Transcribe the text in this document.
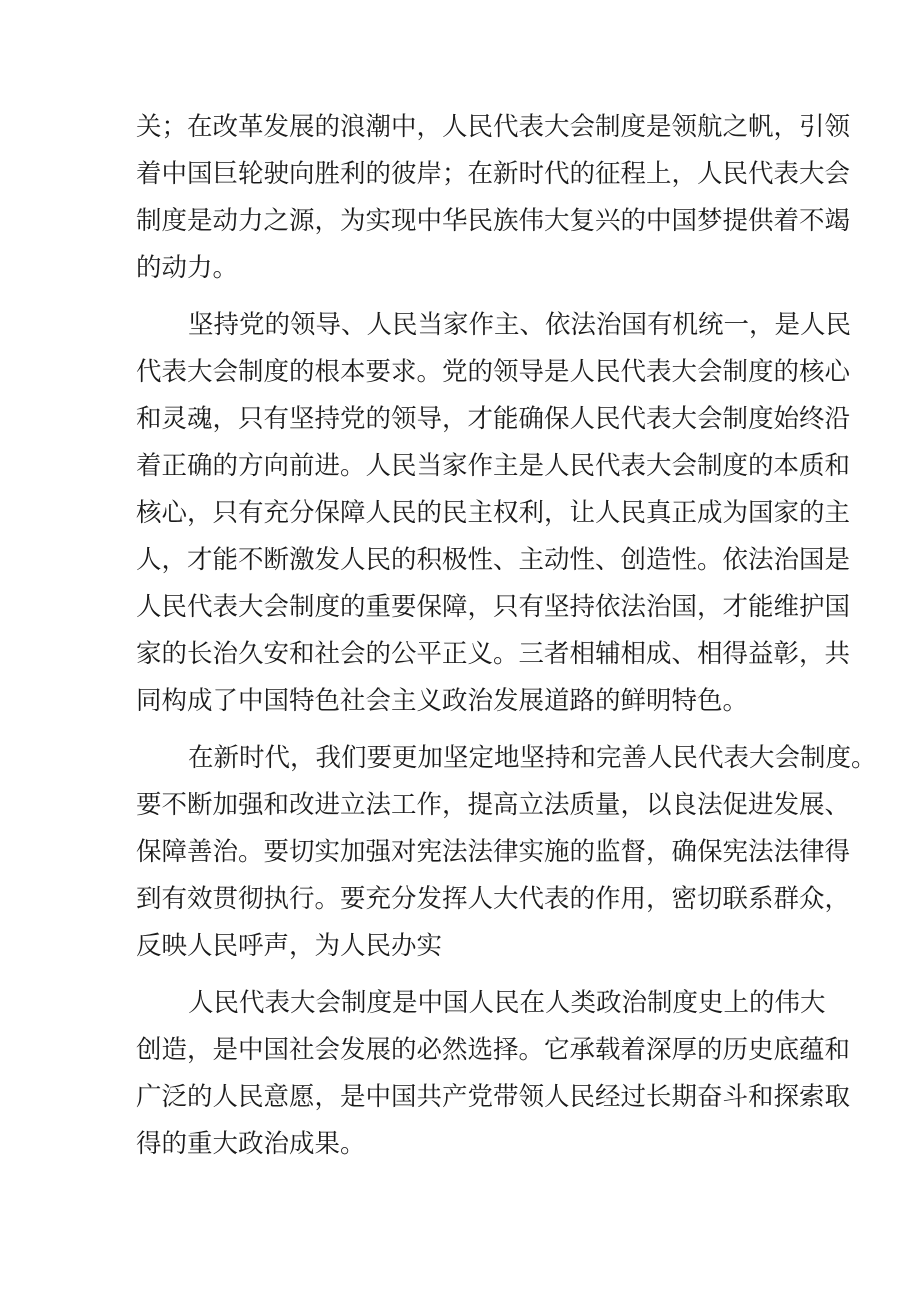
关；在改革发展的浪潮中，人民代表大会制度是领航之帆，引领
着中国巨轮驶向胜利的彼岸；在新时代的征程上，人民代表大会
制度是动力之源，为实现中华民族伟大复兴的中国梦提供着不竭
的动力。
坚持党的领导、人民当家作主、依法治国有机统一，是人民
代表大会制度的根本要求。党的领导是人民代表大会制度的核心
和灵魂，只有坚持党的领导，才能确保人民代表大会制度始终沿
着正确的方向前进。人民当家作主是人民代表大会制度的本质和
核心，只有充分保障人民的民主权利，让人民真正成为国家的主
人，才能不断激发人民的积极性、主动性、创造性。依法治国是
人民代表大会制度的重要保障，只有坚持依法治国，才能维护国
家的长治久安和社会的公平正义。三者相辅相成、相得益彰，共
同构成了中国特色社会主义政治发展道路的鲜明特色。
在新时代，我们要更加坚定地坚持和完善人民代表大会制度。
要不断加强和改进立法工作，提高立法质量，以良法促进发展、
保障善治。要切实加强对宪法法律实施的监督，确保宪法法律得
到有效贯彻执行。要充分发挥人大代表的作用，密切联系群众，
反映人民呼声，为人民办实
人民代表大会制度是中国人民在人类政治制度史上的伟大
创造，是中国社会发展的必然选择。它承载着深厚的历史底蕴和
广泛的人民意愿，是中国共产党带领人民经过长期奋斗和探索取
得的重大政治成果。
